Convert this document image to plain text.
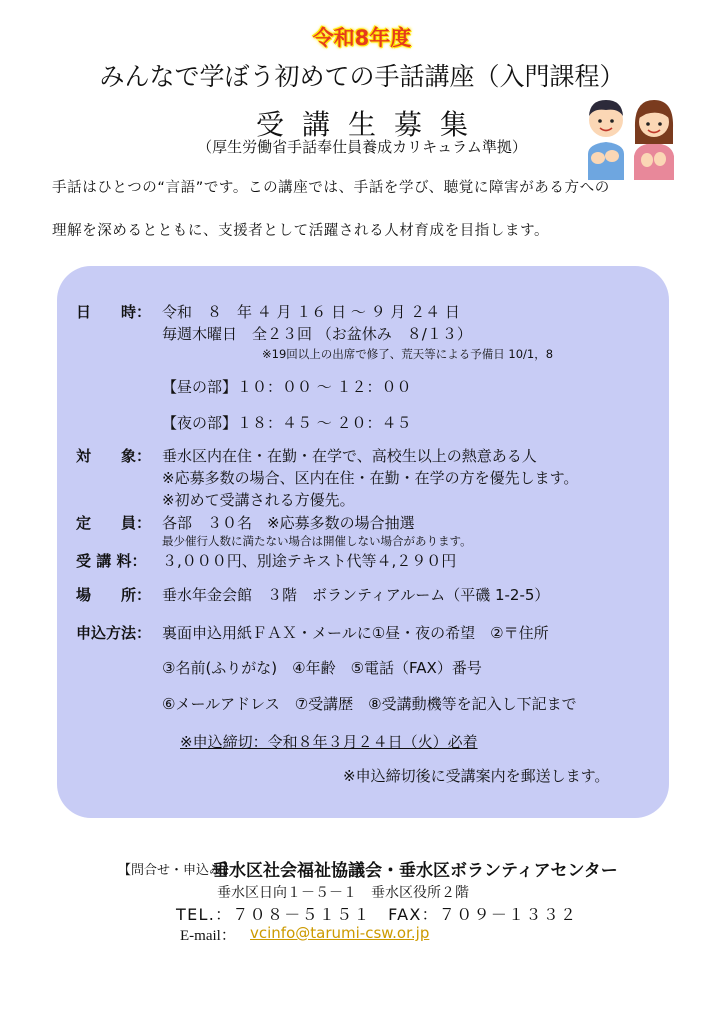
令和8年度
みんなで学ぼう初めての手話講座（入門課程）
受講生募集
（厚生労働省手話奉仕員養成カリキュラム準拠）
手話はひとつの“言語”です。この講座では、手話を学び、聴覚に障害がある方への
理解を深めるとともに、支援者として活躍される人材育成を目指します。
日　　時： 令和　８　年 ４ 月 １６ 日 ～ ９ 月 ２４ 日
毎週木曜日　全２３回 （お盆休み　８/１３）
※19回以上の出席で修了、荒天等による予備日 10/1，8
【昼の部】１０：００ ～ １２：００
【夜の部】１８：４５ ～ ２０：４５
対　　象： 垂水区内在住・在勤・在学で、高校生以上の熱意ある人
※応募多数の場合、区内在住・在勤・在学の方を優先します。
※初めて受講される方優先。
定　　員： 各部　３０名　※応募多数の場合抽選
最少催行人数に満たない場合は開催しない場合があります。
受 講 料： ３,０００円、別途テキスト代等４,２９０円
場　　所： 垂水年金会館　３階　ボランティアルーム（平磯 1-2-5）
申込方法： 裏面申込用紙ＦＡＸ・メールに①昼・夜の希望　②〒住所
③名前(ふりがな)　④年齢　⑤電話（FAX）番号
⑥メールアドレス　⑦受講歴　⑧受講動機等を記入し下記まで
※申込締切：令和８年３月２４日（火）必着
※申込締切後に受講案内を郵送します。
【問合せ・申込み】
垂水区社会福祉協議会・垂水区ボランティアセンター
垂水区日向１－５－１　垂水区役所２階
TEL.：７０８－５１５１　FAX：７０９－１３３２
E-mail： vcinfo@tarumi-csw.or.jp
